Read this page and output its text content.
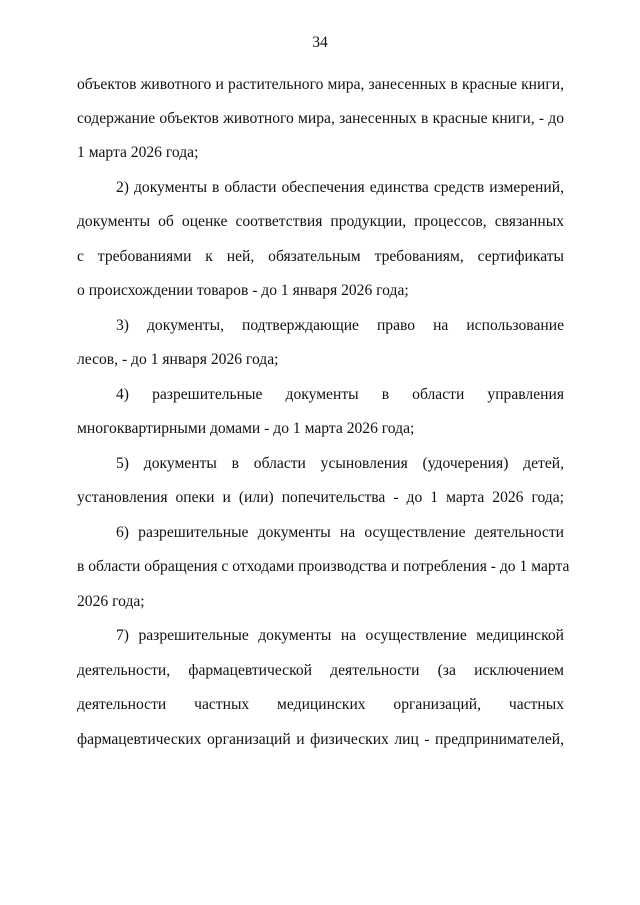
34
объектов животного и растительного мира, занесенных в красные книги,
содержание объектов животного мира, занесенных в красные книги, - до
1 марта 2026 года;
2) документы в области обеспечения единства средств измерений,
документы об оценке соответствия продукции, процессов, связанных
с требованиями к ней, обязательным требованиям, сертификаты
о происхождении товаров - до 1 января 2026 года;
3) документы, подтверждающие право на использование
лесов, - до 1 января 2026 года;
4) разрешительные документы в области управления
многоквартирными домами - до 1 марта 2026 года;
5) документы в области усыновления (удочерения) детей,
установления опеки и (или) попечительства - до 1 марта 2026 года;
6) разрешительные документы на осуществление деятельности
в области обращения с отходами производства и потребления - до 1 марта
2026 года;
7) разрешительные документы на осуществление медицинской
деятельности, фармацевтической деятельности (за исключением
деятельности частных медицинских организаций, частных
фармацевтических организаций и физических лиц - предпринимателей,
